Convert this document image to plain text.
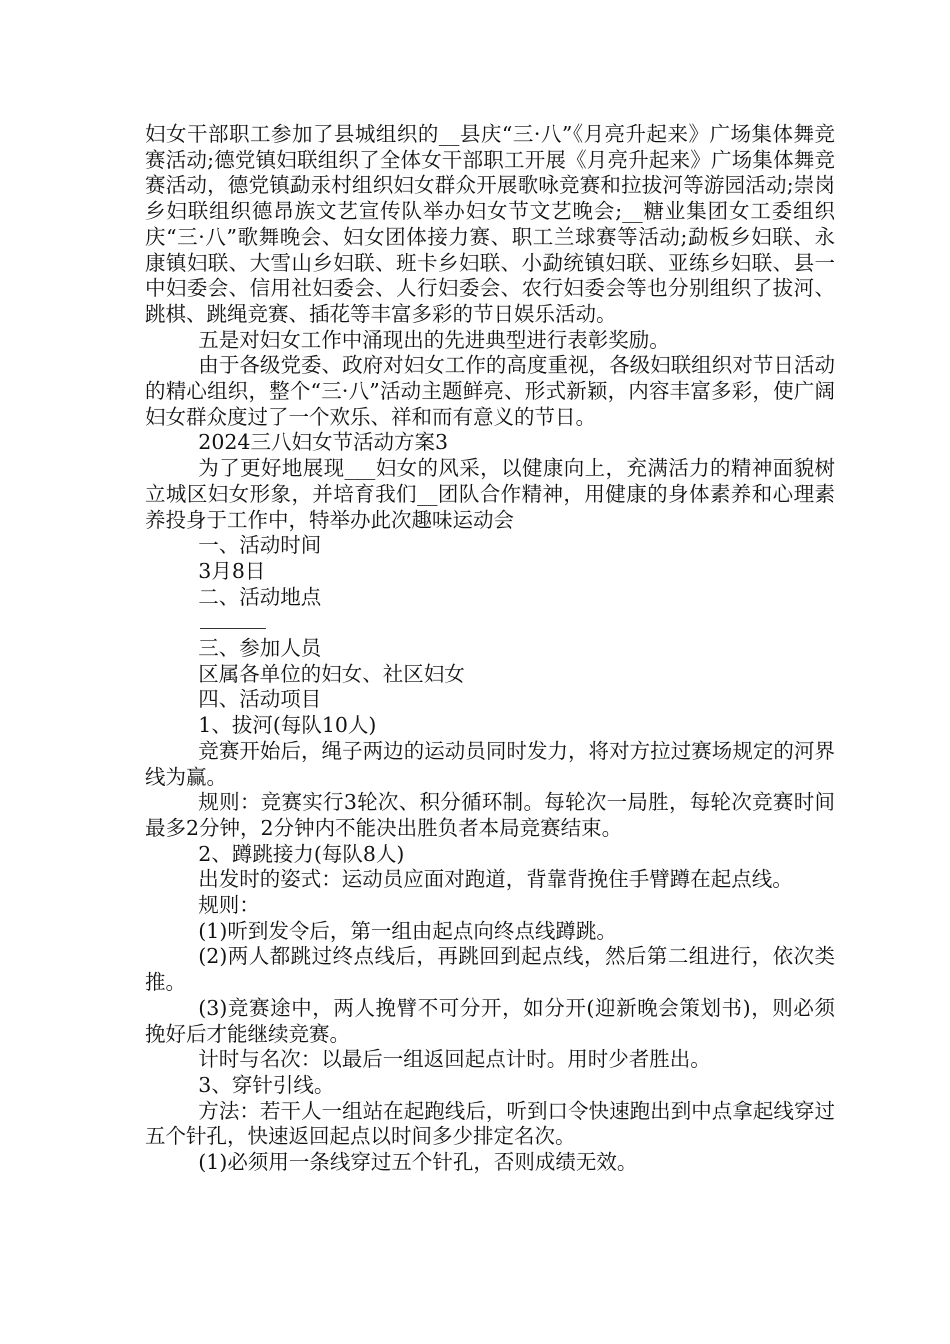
妇女干部职工参加了县城组织的__县庆“三·八”《月亮升起来》广场集体舞竞赛活动;德党镇妇联组织了全体女干部职工开展《月亮升起来》广场集体舞竞赛活动，德党镇勐汞村组织妇女群众开展歌咏竞赛和拉拔河等游园活动;崇岗乡妇联组织德昂族文艺宣传队举办妇女节文艺晚会;__糖业集团女工委组织庆“三·八”歌舞晚会、妇女团体接力赛、职工兰球赛等活动;勐板乡妇联、永康镇妇联、大雪山乡妇联、班卡乡妇联、小勐统镇妇联、亚练乡妇联、县一中妇委会、信用社妇委会、人行妇委会、农行妇委会等也分别组织了拔河、跳棋、跳绳竞赛、插花等丰富多彩的节日娱乐活动。

五是对妇女工作中涌现出的先进典型进行表彰奖励。

由于各级党委、政府对妇女工作的高度重视，各级妇联组织对节日活动的精心组织，整个“三·八”活动主题鲜亮、形式新颖，内容丰富多彩，使广阔妇女群众度过了一个欢乐、祥和而有意义的节日。

2024三八妇女节活动方案3

为了更好地展现___妇女的风采，以健康向上，充满活力的精神面貌树立城区妇女形象，并培育我们__团队合作精神，用健康的身体素养和心理素养投身于工作中，特举办此次趣味运动会

一、活动时间

3月8日

二、活动地点

三、参加人员

区属各单位的妇女、社区妇女

四、活动项目

1、拔河(每队10人)

竞赛开始后，绳子两边的运动员同时发力，将对方拉过赛场规定的河界线为赢。

规则：竞赛实行3轮次、积分循环制。每轮次一局胜，每轮次竞赛时间最多2分钟，2分钟内不能决出胜负者本局竞赛结束。

2、蹲跳接力(每队8人)

出发时的姿式：运动员应面对跑道，背靠背挽住手臂蹲在起点线。

规则：

(1)听到发令后，第一组由起点向终点线蹲跳。

(2)两人都跳过终点线后，再跳回到起点线，然后第二组进行，依次类推。

(3)竞赛途中，两人挽臂不可分开，如分开(迎新晚会策划书)，则必须挽好后才能继续竞赛。

计时与名次：以最后一组返回起点计时。用时少者胜出。

3、穿针引线。

方法：若干人一组站在起跑线后，听到口令快速跑出到中点拿起线穿过五个针孔，快速返回起点以时间多少排定名次。

(1)必须用一条线穿过五个针孔，否则成绩无效。
